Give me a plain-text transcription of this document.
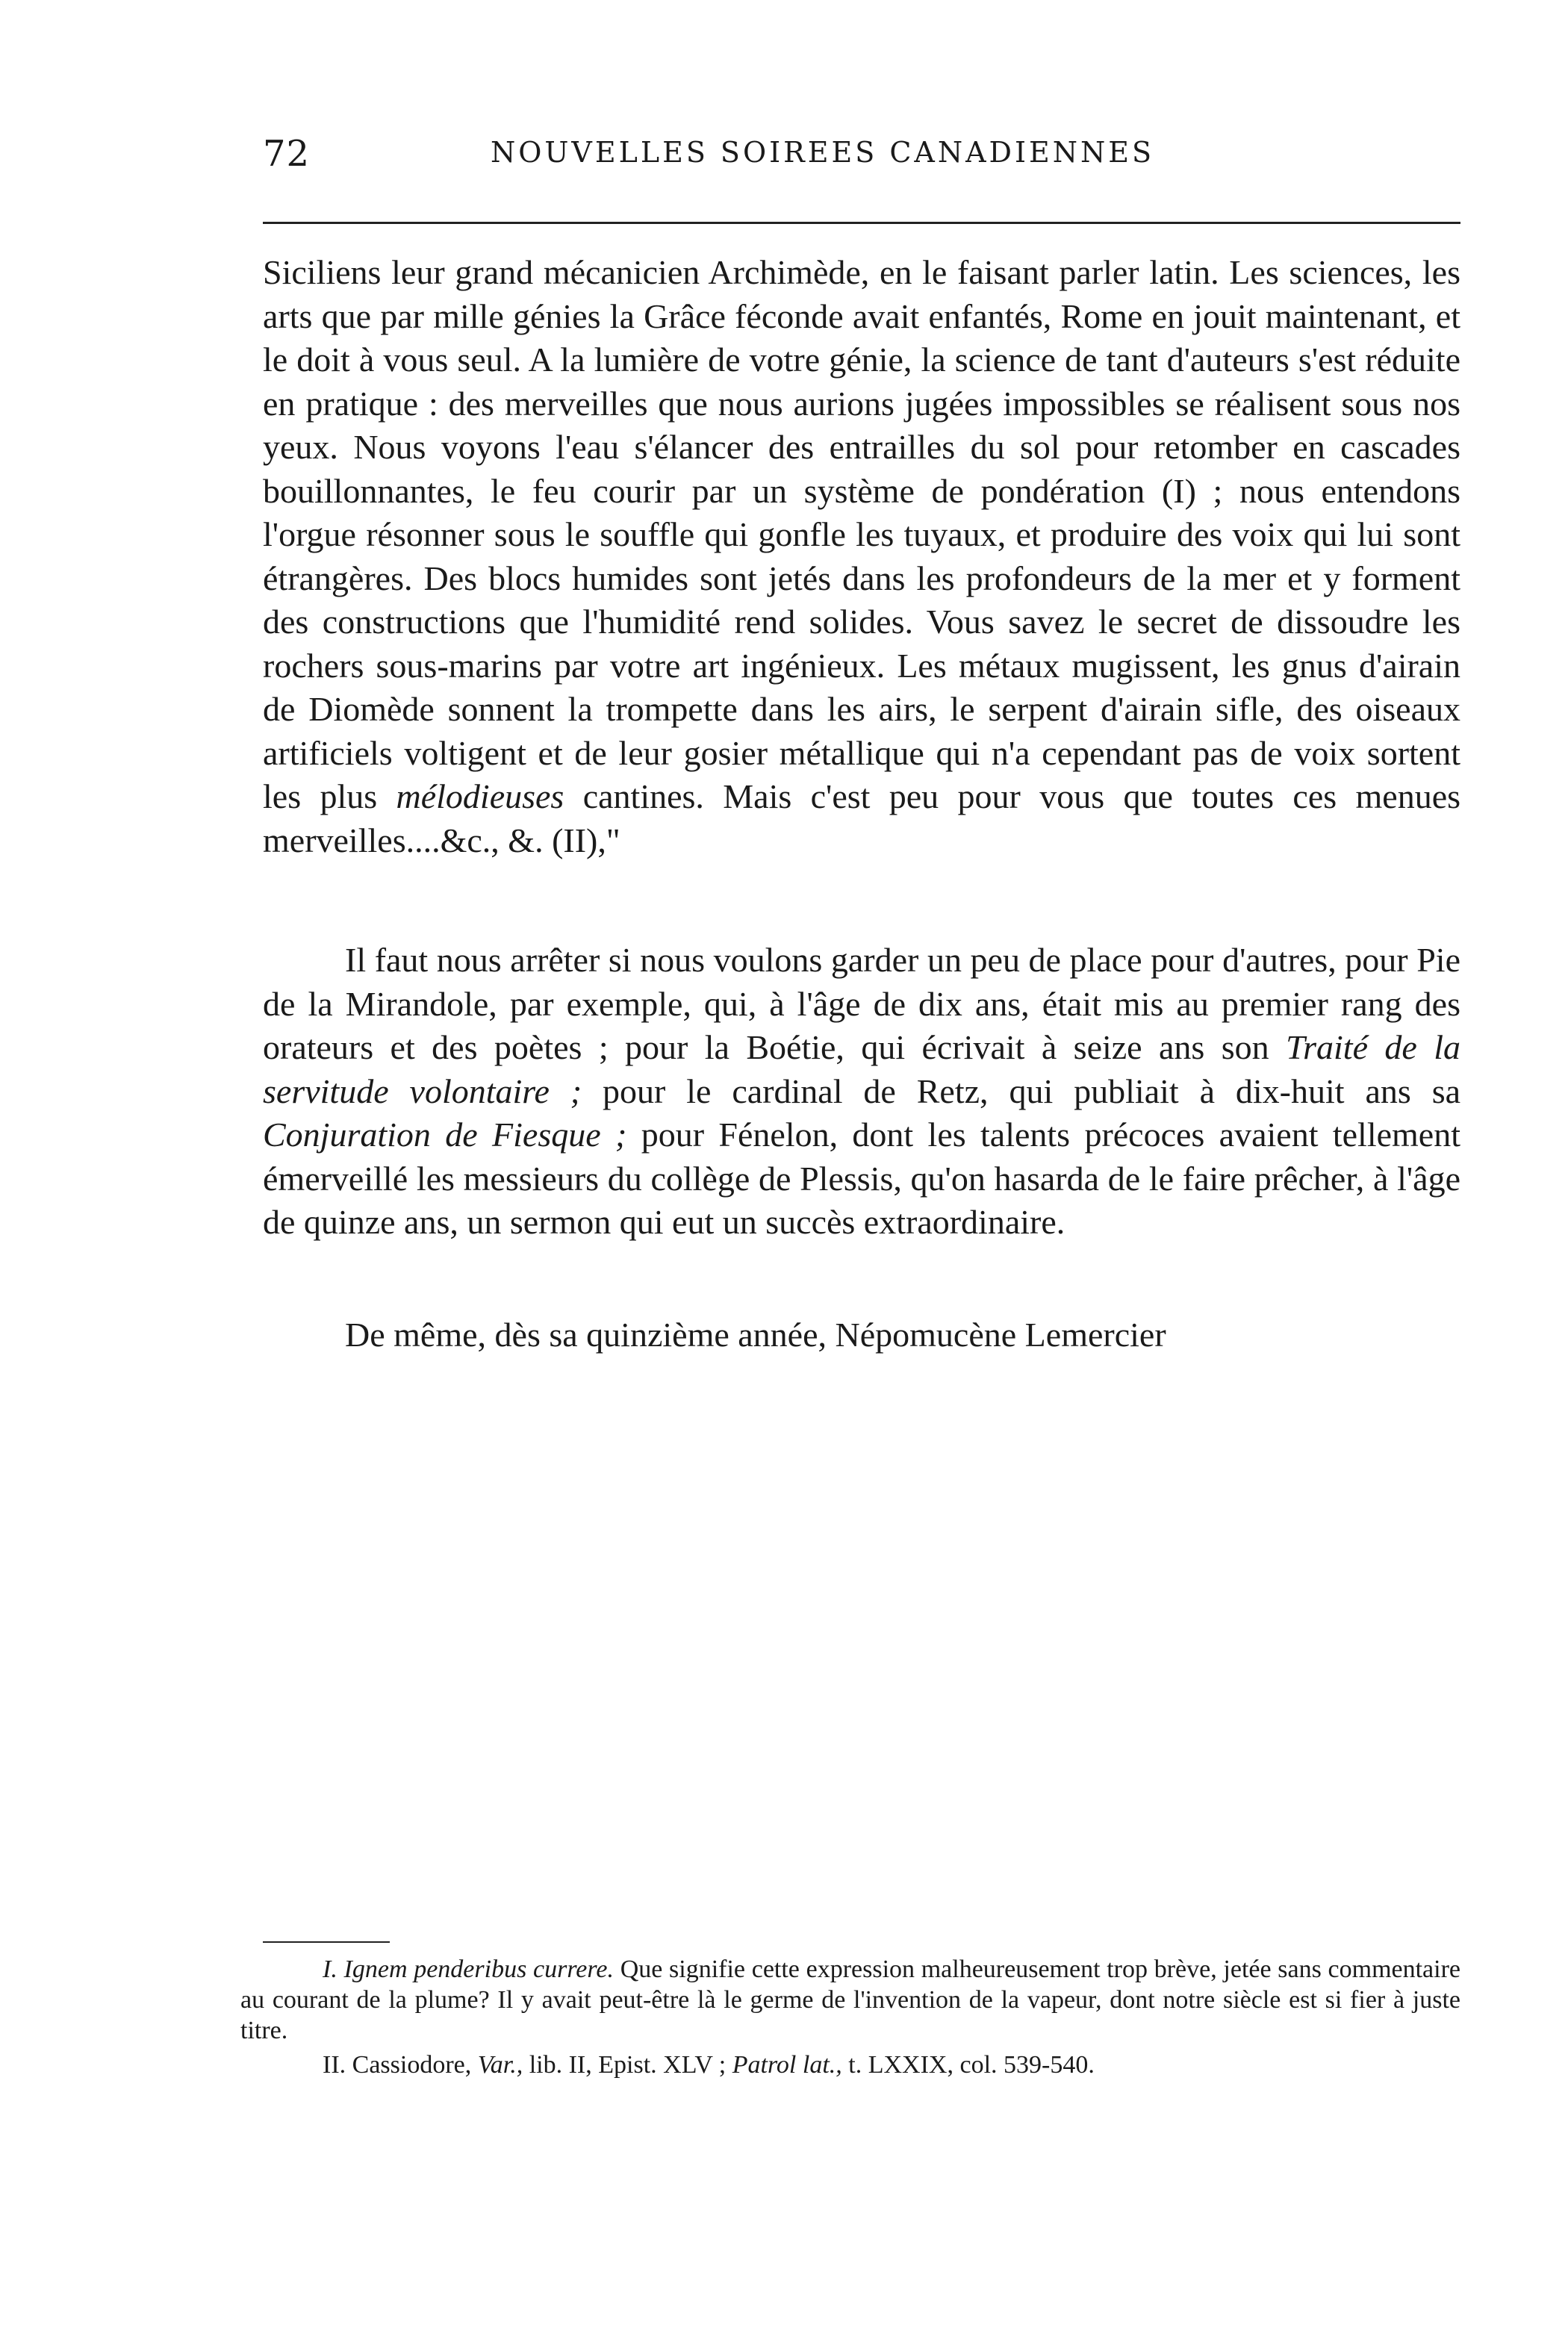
72	NOUVELLES SOIREES CANADIENNES

Siciliens leur grand mécanicien Archimède, en le faisant parler latin. Les sciences, les arts que par mille génies la Grâce féconde avait enfantés, Rome en jouit maintenant, et le doit à vous seul. A la lumière de votre génie, la science de tant d'auteurs s'est réduite en pratique : des merveilles que nous aurions jugées impossibles se réalisent sous nos yeux. Nous voyons l'eau s'élancer des entrailles du sol pour retomber en cascades bouillonnantes, le feu courir par un système de pondération (I) ; nous entendons l'orgue résonner sous le souffle qui gonfle les tuyaux, et produire des voix qui lui sont étrangères. Des blocs humides sont jetés dans les profondeurs de la mer et y forment des constructions que l'humidité rend solides. Vous savez le secret de dissoudre les rochers sous-marins par votre art ingénieux. Les métaux mugissent, les gnus d'airain de Diomède sonnent la trompette dans les airs, le serpent d'airain sifle, des oiseaux artificiels voltigent et de leur gosier métallique qui n'a cependant pas de voix sortent les plus mélodieuses cantines. Mais c'est peu pour vous que toutes ces menues merveilles....&c., &. (II),"

Il faut nous arrêter si nous voulons garder un peu de place pour d'autres, pour Pie de la Mirandole, par exemple, qui, à l'âge de dix ans, était mis au premier rang des orateurs et des poètes ; pour la Boétie, qui écrivait à seize ans son Traité de la servitude volontaire ; pour le cardinal de Retz, qui publiait à dix-huit ans sa Conjuration de Fiesque ; pour Fénelon, dont les talents précoces avaient tellement émerveillé les messieurs du collège de Plessis, qu'on hasarda de le faire prêcher, à l'âge de quinze ans, un sermon qui eut un succès extraordinaire.

De même, dès sa quinzième année, Népomucène Lemercier

I. Ignem penderibus currere. Que signifie cette expression malheureusement trop brève, jetée sans commentaire au courant de la plume? Il y avait peut-être là le germe de l'invention de la vapeur, dont notre siècle est si fier à juste titre.

II. Cassiodore, Var., lib. II, Epist. XLV ; Patrol lat., t. LXXIX, col. 539-540.
